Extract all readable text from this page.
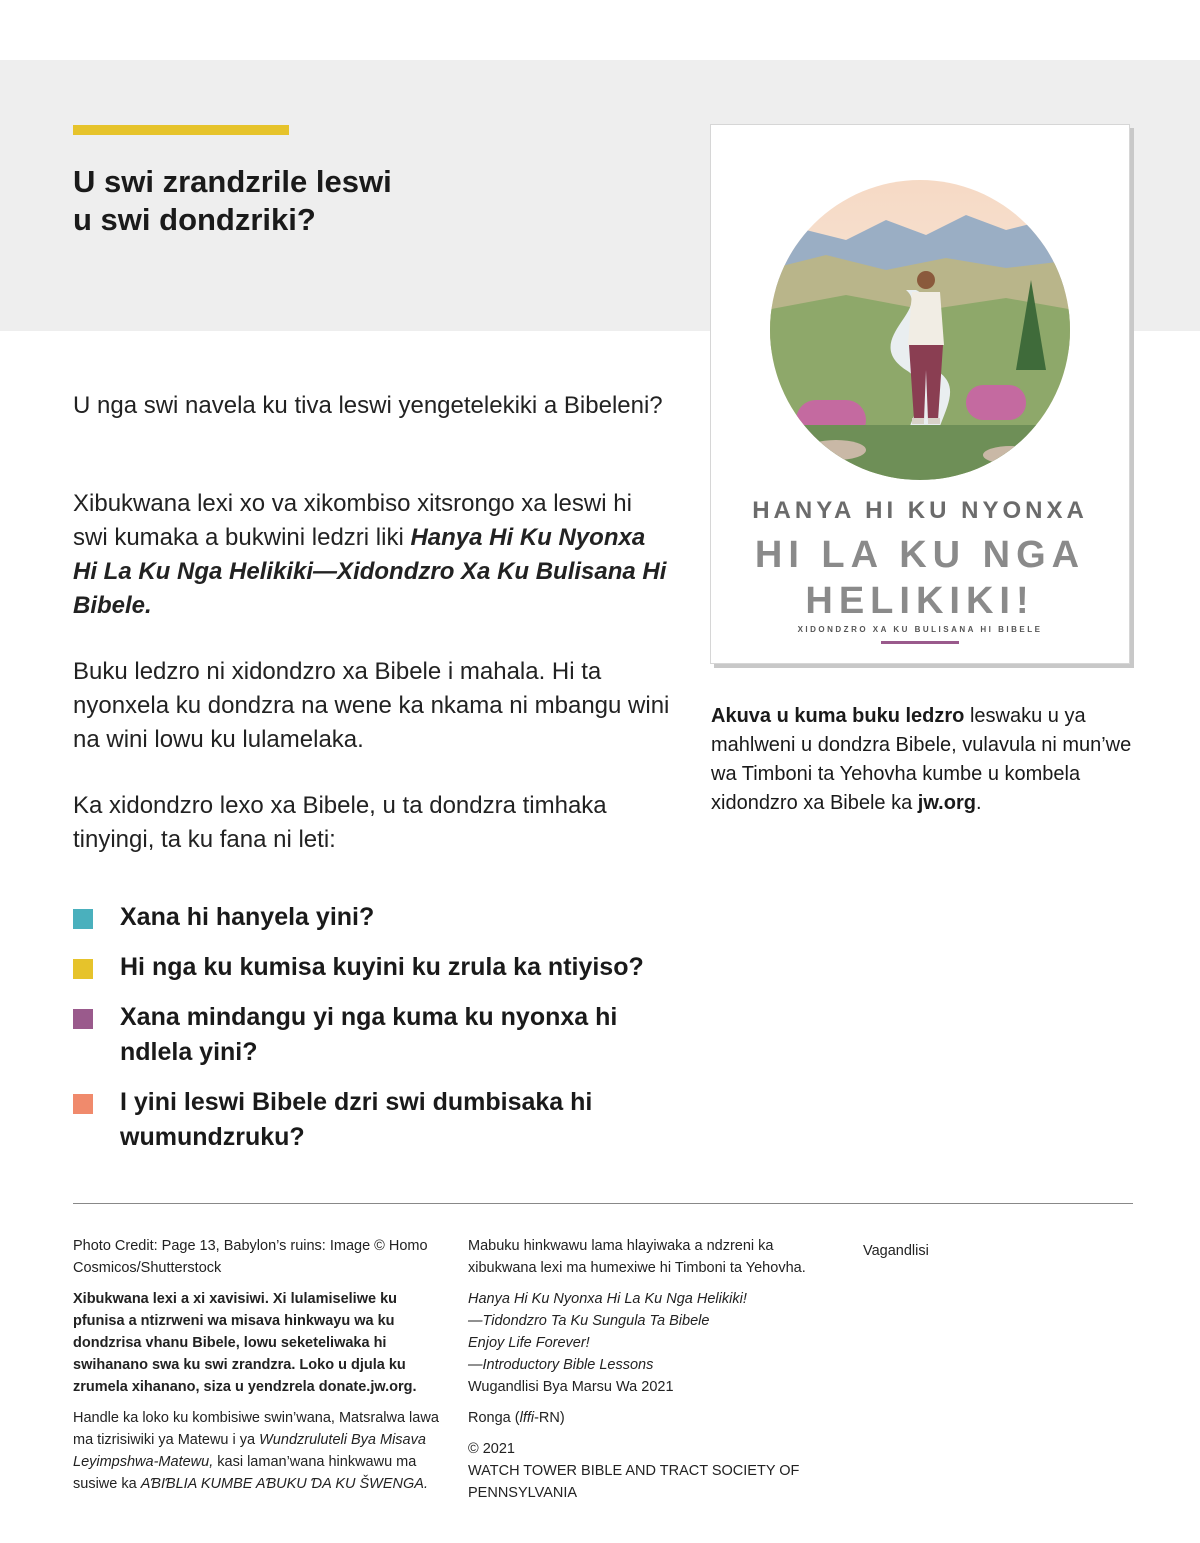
U swi zrandzrile leswi
u swi dondzriki?

U nga swi navela ku tiva leswi yengetelekiki a Bibeleni?

Xibukwana lexi xo va xikombiso xitsrongo xa leswi hi swi kumaka a bukwini ledzri liki Hanya Hi Ku Nyonxa Hi La Ku Nga Helikiki—Xidondzro Xa Ku Bulisana Hi Bibele.

Buku ledzro ni xidondzro xa Bibele i mahala. Hi ta nyonxela ku dondzra na wene ka nkama ni mbangu wini na wini lowu ku lulamelaka.

Ka xidondzro lexo xa Bibele, u ta dondzra timhaka tinyingi, ta ku fana ni leti:

Xana hi hanyela yini?
Hi nga ku kumisa kuyini ku zrula ka ntiyiso?
Xana mindangu yi nga kuma ku nyonxa hi ndlela yini?
I yini leswi Bibele dzri swi dumbisaka hi wumundzruku?

HANYA HI KU NYONXA

HI LA KU NGA
HELIKIKI!

XIDONDZRO XA KU BULISANA HI BIBELE

Akuva u kuma buku ledzro leswaku u ya mahlweni u dondzra Bibele, vulavula ni mun’we wa Timboni ta Yehovha kumbe u kombela xidondzro xa Bibele ka jw.org.

Photo Credit: Page 13, Babylon’s ruins: Image © Homo Cosmicos/Shutterstock

Xibukwana lexi a xi xavisiwi. Xi lulamiseliwe ku pfunisa a ntizrweni wa misava hinkwayu wa ku dondzrisa vhanu Bibele, lowu seketeliwaka hi swihanano swa ku swi zrandzra. Loko u djula ku zrumela xihanano, siza u yendzrela donate.jw.org.

Handle ka loko ku kombisiwe swin’wana, Matsralwa lawa ma tizrisiwiki ya Matewu i ya Wundzruluteli Bya Misava Leyimpshwa-Matewu, kasi laman’wana hinkwawu ma susiwe ka AƁIƁLIA KUMBE AƁUKU ƊA KU ŠWENGA.

Mabuku hinkwawu lama hlayiwaka a ndzreni ka xibukwana lexi ma humexiwe hi Timboni ta Yehovha.

Hanya Hi Ku Nyonxa Hi La Ku Nga Helikiki!
—Tidondzro Ta Ku Sungula Ta Bibele
Enjoy Life Forever!
—Introductory Bible Lessons
Wugandlisi Bya Marsu Wa 2021

Ronga (lffi-RN)

© 2021
WATCH TOWER BIBLE AND TRACT SOCIETY OF PENNSYLVANIA

Vagandlisi
